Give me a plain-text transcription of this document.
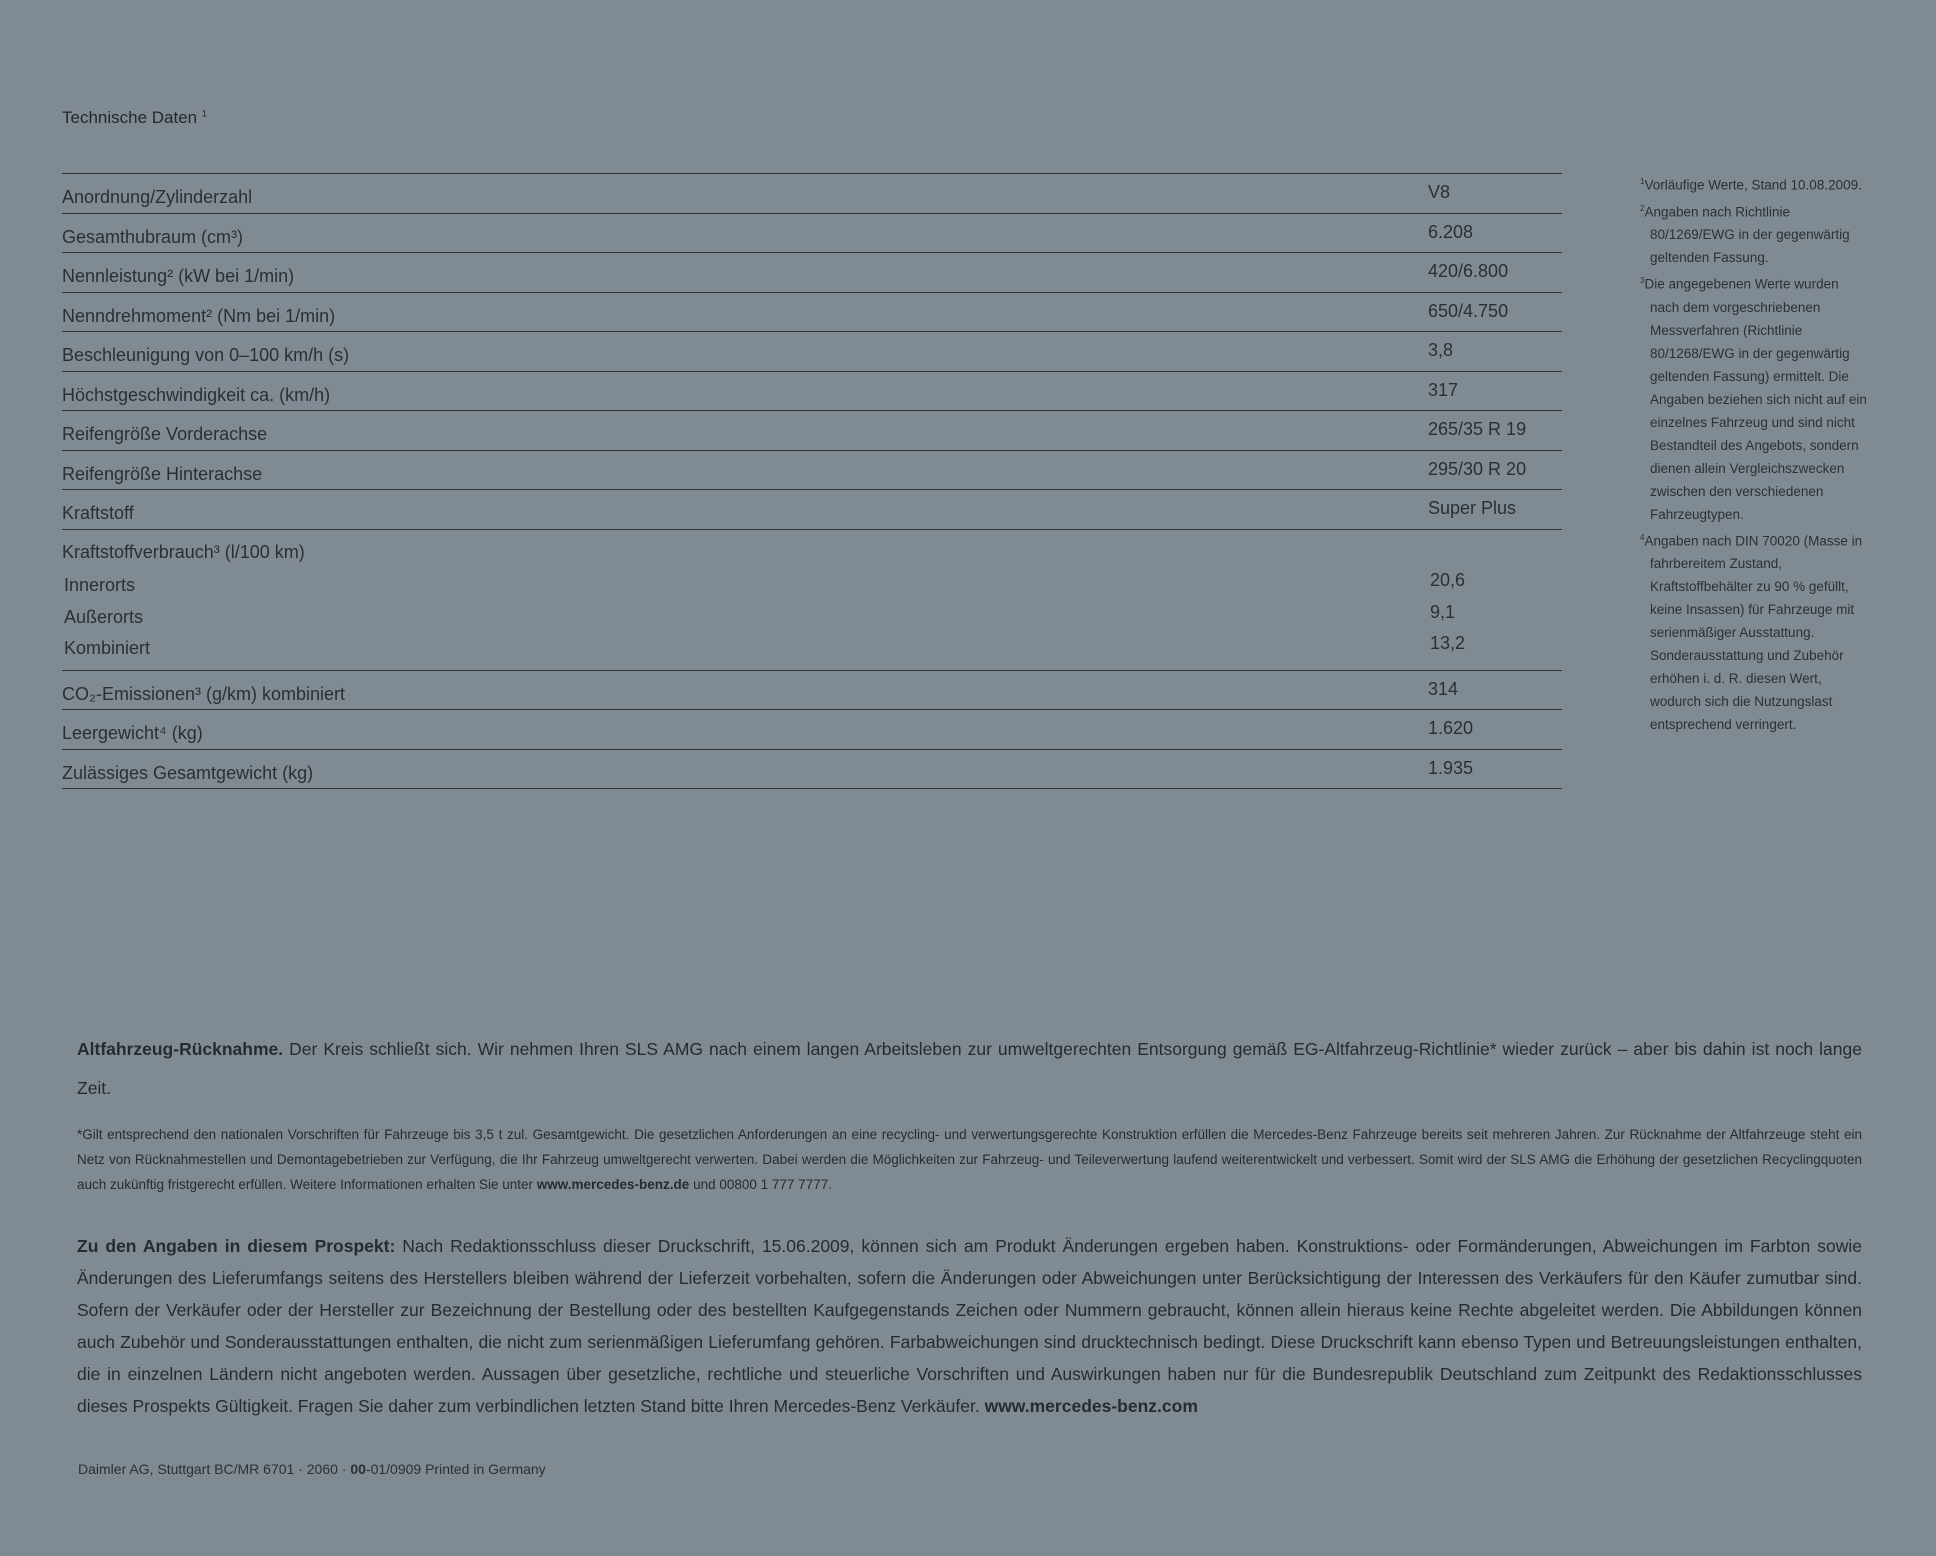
Technische Daten $^1$
Anordnung/Zylinderzahl	V8
Gesamthubraum (cm³)	6.208
Nennleistung² (kW bei 1/min)	420/6.800
Nenndrehmoment² (Nm bei 1/min)	650/4.750
Beschleunigung von 0–100 km/h (s)	3,8
Höchstgeschwindigkeit ca. (km/h)	317
Reifengröße Vorderachse	265/35 R 19
Reifengröße Hinterachse	295/30 R 20
Kraftstoff	Super Plus
Kraftstoffverbrauch³ (l/100 km)
Innerorts	20,6
Außerorts	9,1
Kombiniert	13,2
CO₂-Emissionen³ (g/km) kombiniert	314
Leergewicht⁴ (kg)	1.620
Zulässiges Gesamtgewicht (kg)	1.935

$^1$Vorläufige Werte, Stand 10.08.2009.

$^2$Angaben nach Richtlinie 80/1269/EWG in der gegenwärtig geltenden Fassung.

$^3$Die angegebenen Werte wurden nach dem vorgeschriebenen Messverfahren (Richtlinie 80/1268/EWG in der gegenwärtig geltenden Fassung) ermittelt. Die Angaben beziehen sich nicht auf ein einzelnes Fahrzeug und sind nicht Bestandteil des Angebots, sondern dienen allein Vergleichszwecken zwischen den verschiedenen Fahrzeugtypen.

$^4$Angaben nach DIN 70020 (Masse in fahrbereitem Zustand, Kraftstoffbehälter zu 90 % gefüllt, keine Insassen) für Fahrzeuge mit serienmäßiger Ausstattung. Sonderausstattung und Zubehör erhöhen i. d. R. diesen Wert, wodurch sich die Nutzungslast entsprechend verringert.

Altfahrzeug-Rücknahme. Der Kreis schließt sich. Wir nehmen Ihren SLS AMG nach einem langen Arbeitsleben zur umweltgerechten Entsorgung gemäß EG-Altfahrzeug-Richtlinie* wieder zurück – aber bis dahin ist noch lange Zeit.
*Gilt entsprechend den nationalen Vorschriften für Fahrzeuge bis 3,5 t zul. Gesamtgewicht. Die gesetzlichen Anforderungen an eine recycling- und verwertungsgerechte Konstruktion erfüllen die Mercedes-Benz Fahrzeuge bereits seit mehreren Jahren. Zur Rücknahme der Altfahrzeuge steht ein Netz von Rücknahmestellen und Demontagebetrieben zur Verfügung, die Ihr Fahrzeug umweltgerecht verwerten. Dabei werden die Möglichkeiten zur Fahrzeug- und Teileverwertung laufend weiterentwickelt und verbessert. Somit wird der SLS AMG die Erhöhung der gesetzlichen Recyclingquoten auch zukünftig fristgerecht erfüllen. Weitere Informationen erhalten Sie unter www.mercedes-benz.de und 00800 1 777 7777.
Zu den Angaben in diesem Prospekt: Nach Redaktionsschluss dieser Druckschrift, 15.06.2009, können sich am Produkt Änderungen ergeben haben. Konstruktions- oder Formänderungen, Abweichungen im Farbton sowie Änderungen des Lieferumfangs seitens des Herstellers bleiben während der Lieferzeit vorbehalten, sofern die Änderungen oder Abweichungen unter Berücksichtigung der Interessen des Verkäufers für den Käufer zumutbar sind. Sofern der Verkäufer oder der Hersteller zur Bezeichnung der Bestellung oder des bestellten Kaufgegenstands Zeichen oder Nummern gebraucht, können allein hieraus keine Rechte abgeleitet werden. Die Abbildungen können auch Zubehör und Sonderausstattungen enthalten, die nicht zum serienmäßigen Lieferumfang gehören. Farbabweichungen sind drucktechnisch bedingt. Diese Druckschrift kann ebenso Typen und Betreuungsleistungen enthalten, die in einzelnen Ländern nicht angeboten werden. Aussagen über gesetzliche, rechtliche und steuerliche Vorschriften und Auswirkungen haben nur für die Bundesrepublik Deutschland zum Zeitpunkt des Redaktionsschlusses dieses Prospekts Gültigkeit. Fragen Sie daher zum verbindlichen letzten Stand bitte Ihren Mercedes-Benz Verkäufer. www.mercedes-benz.com
Daimler AG, Stuttgart BC/MR 6701 · 2060 · 00-01/0909 Printed in Germany
